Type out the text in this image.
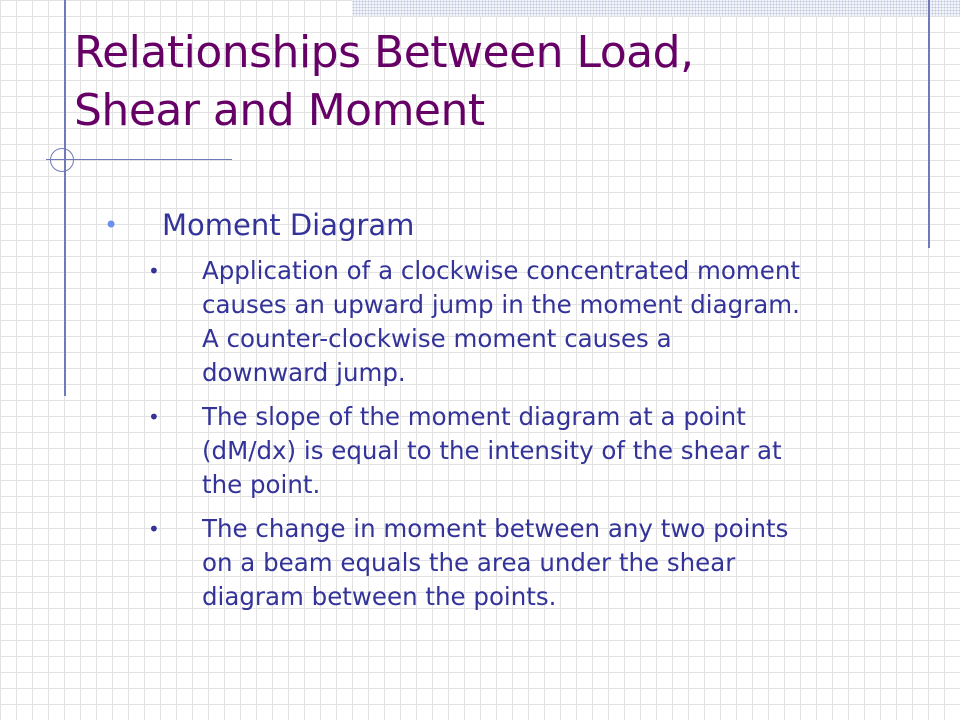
Relationships Between Load,
Shear and Moment
• Moment Diagram
• Application of a clockwise concentrated moment
causes an upward jump in the moment diagram.
A counter-clockwise moment causes a
downward jump.
• The slope of the moment diagram at a point
(dM/dx) is equal to the intensity of the shear at
the point.
• The change in moment between any two points
on a beam equals the area under the shear
diagram between the points.
